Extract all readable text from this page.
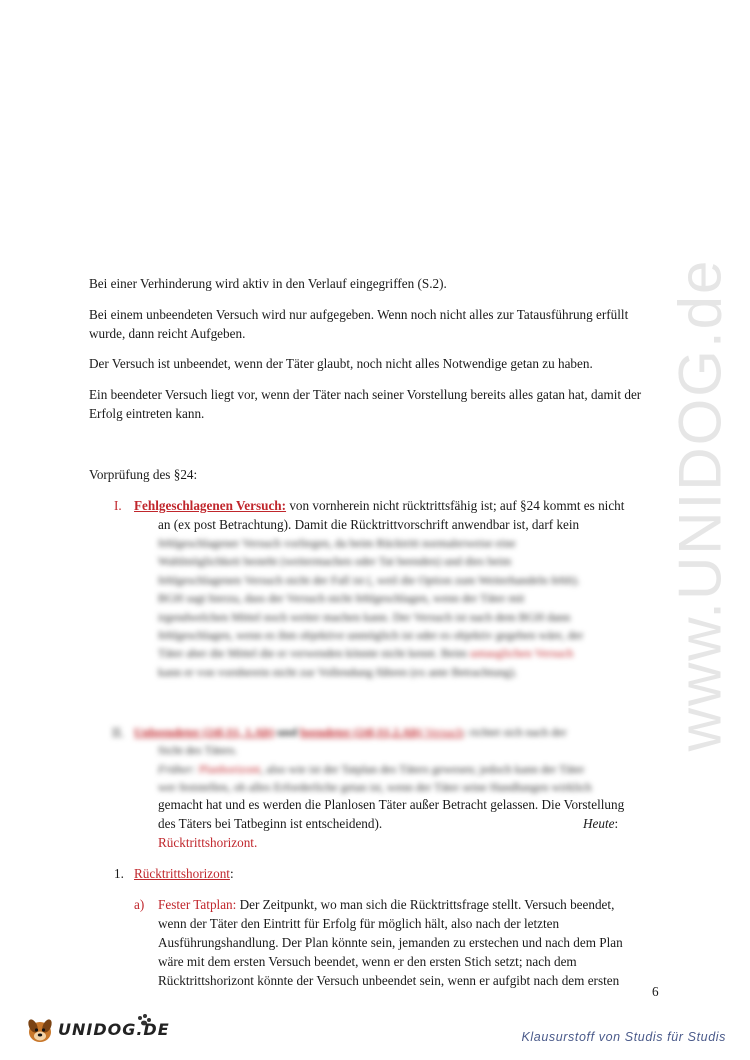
www.UNIDOG.de
Bei einer Verhinderung wird aktiv in den Verlauf eingegriffen (S.2).
Bei einem unbeendeten Versuch wird nur aufgegeben. Wenn noch nicht alles zur Tatausführung erfüllt wurde, dann reicht Aufgeben.
Der Versuch ist unbeendet, wenn der Täter glaubt, noch nicht alles Notwendige getan zu haben.
Ein beendeter Versuch liegt vor, wenn der Täter nach seiner Vorstellung bereits alles gatan hat, damit der Erfolg eintreten kann.
Vorprüfung des §24:
I. Fehlgeschlagenen Versuch: von vornherein nicht rücktrittsfähig ist; auf §24 kommt es nicht
an (ex post Betrachtung). Damit die Rücktrittvorschrift anwendbar ist, darf kein
fehlgeschlagener Versuch vorliegen, da beim Rücktritt normalerweise eine
Wahlmöglichkeit besteht (weitermachen oder Tat beenden) und dies beim
fehlgeschlagenen Versuch nicht der Fall ist (, weil die Option zum Weiterhandeln fehlt).
BGH sagt hierzu, dass der Versuch nicht fehlgeschlagen, wenn der Täter mit
irgendwelchen Mittel noch weiter machen kann. Der Versuch ist nach dem BGH dann
fehlgeschlagen, wenn es ihm objektive unmöglich ist oder es objektiv gegeben wäre, der
Täter aber die Mittel die er verwenden könnte nicht kennt. Beim untauglichen Versuch
kann er von vornherein nicht zur Vollendung führen (ex ante Betrachtung).
II. Unbeendeter (24I,S1, 1.Alt) und beendeter (24I,S1,2.Alt) Versuch: richtet sich nach der
Sicht des Täters.
Früher: Planhorizont, also wie ist der Tatplan des Täters gewesen; jedoch kann der Täter
wer feststellen, ob alles Erforderliche getan ist, wenn der Täter seine Handlungen wirklich
gemacht hat und es werden die Planlosen Täter außer Betracht gelassen. Die Vorstellung
des Täters bei Tatbeginn ist entscheidend).	Heute:
Rücktrittshorizont.
1. Rücktrittshorizont:
a) Fester Tatplan: Der Zeitpunkt, wo man sich die Rücktrittsfrage stellt. Versuch beendet,
wenn der Täter den Eintritt für Erfolg für möglich hält, also nach der letzten
Ausführungshandlung. Der Plan könnte sein, jemanden zu erstechen und nach dem Plan
wäre mit dem ersten Versuch beendet, wenn er den ersten Stich setzt; nach dem
Rücktrittshorizont könnte der Versuch unbeendet sein, wenn er aufgibt nach dem ersten
6
UNIDOG.DE	Klausurstoff von Studis für Studis
